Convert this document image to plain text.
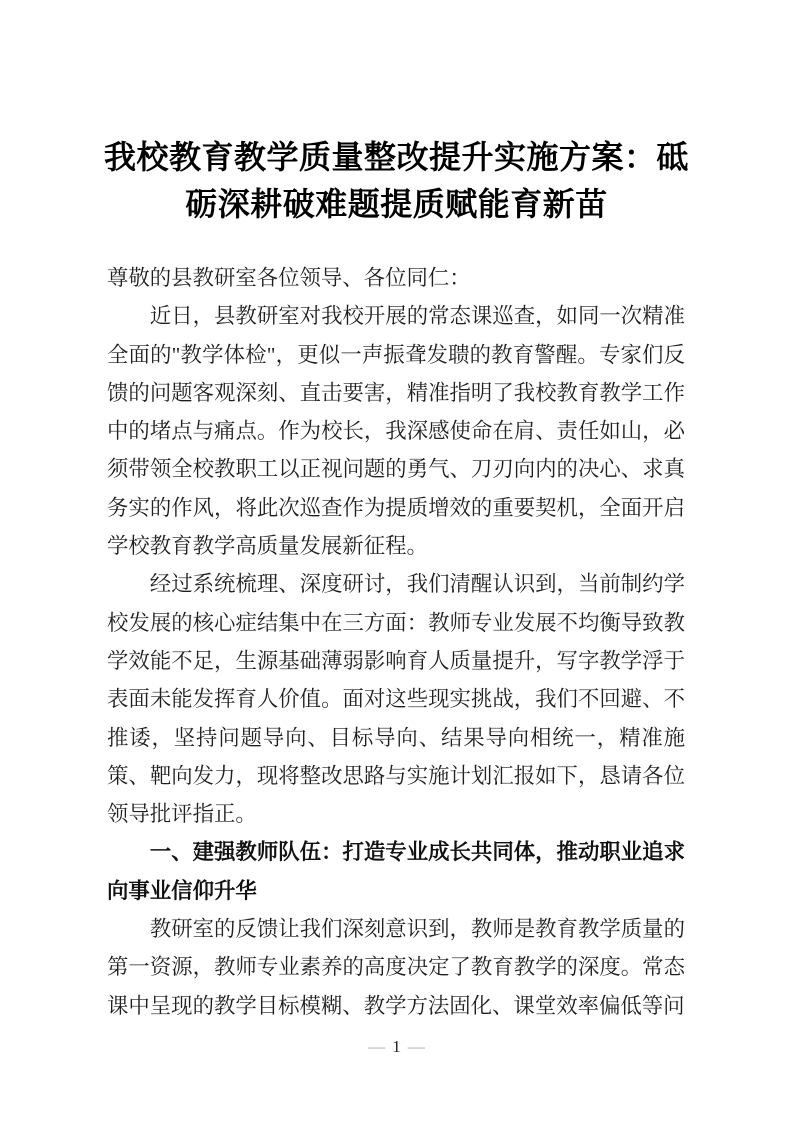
我校教育教学质量整改提升实施方案：砥
砺深耕破难题提质赋能育新苗

尊敬的县教研室各位领导、各位同仁：

近日，县教研室对我校开展的常态课巡查，如同一次精准全面的"教学体检"，更似一声振聋发聩的教育警醒。专家们反馈的问题客观深刻、直击要害，精准指明了我校教育教学工作中的堵点与痛点。作为校长，我深感使命在肩、责任如山，必须带领全校教职工以正视问题的勇气、刀刃向内的决心、求真务实的作风，将此次巡查作为提质增效的重要契机，全面开启学校教育教学高质量发展新征程。

经过系统梳理、深度研讨，我们清醒认识到，当前制约学校发展的核心症结集中在三方面：教师专业发展不均衡导致教学效能不足，生源基础薄弱影响育人质量提升，写字教学浮于表面未能发挥育人价值。面对这些现实挑战，我们不回避、不推诿，坚持问题导向、目标导向、结果导向相统一，精准施策、靶向发力，现将整改思路与实施计划汇报如下，恳请各位领导批评指正。

一、建强教师队伍：打造专业成长共同体，推动职业追求向事业信仰升华

教研室的反馈让我们深刻意识到，教师是教育教学质量的第一资源，教师专业素养的高度决定了教育教学的深度。常态课中呈现的教学目标模糊、教学方法固化、课堂效率偏低等问

— 1 —
